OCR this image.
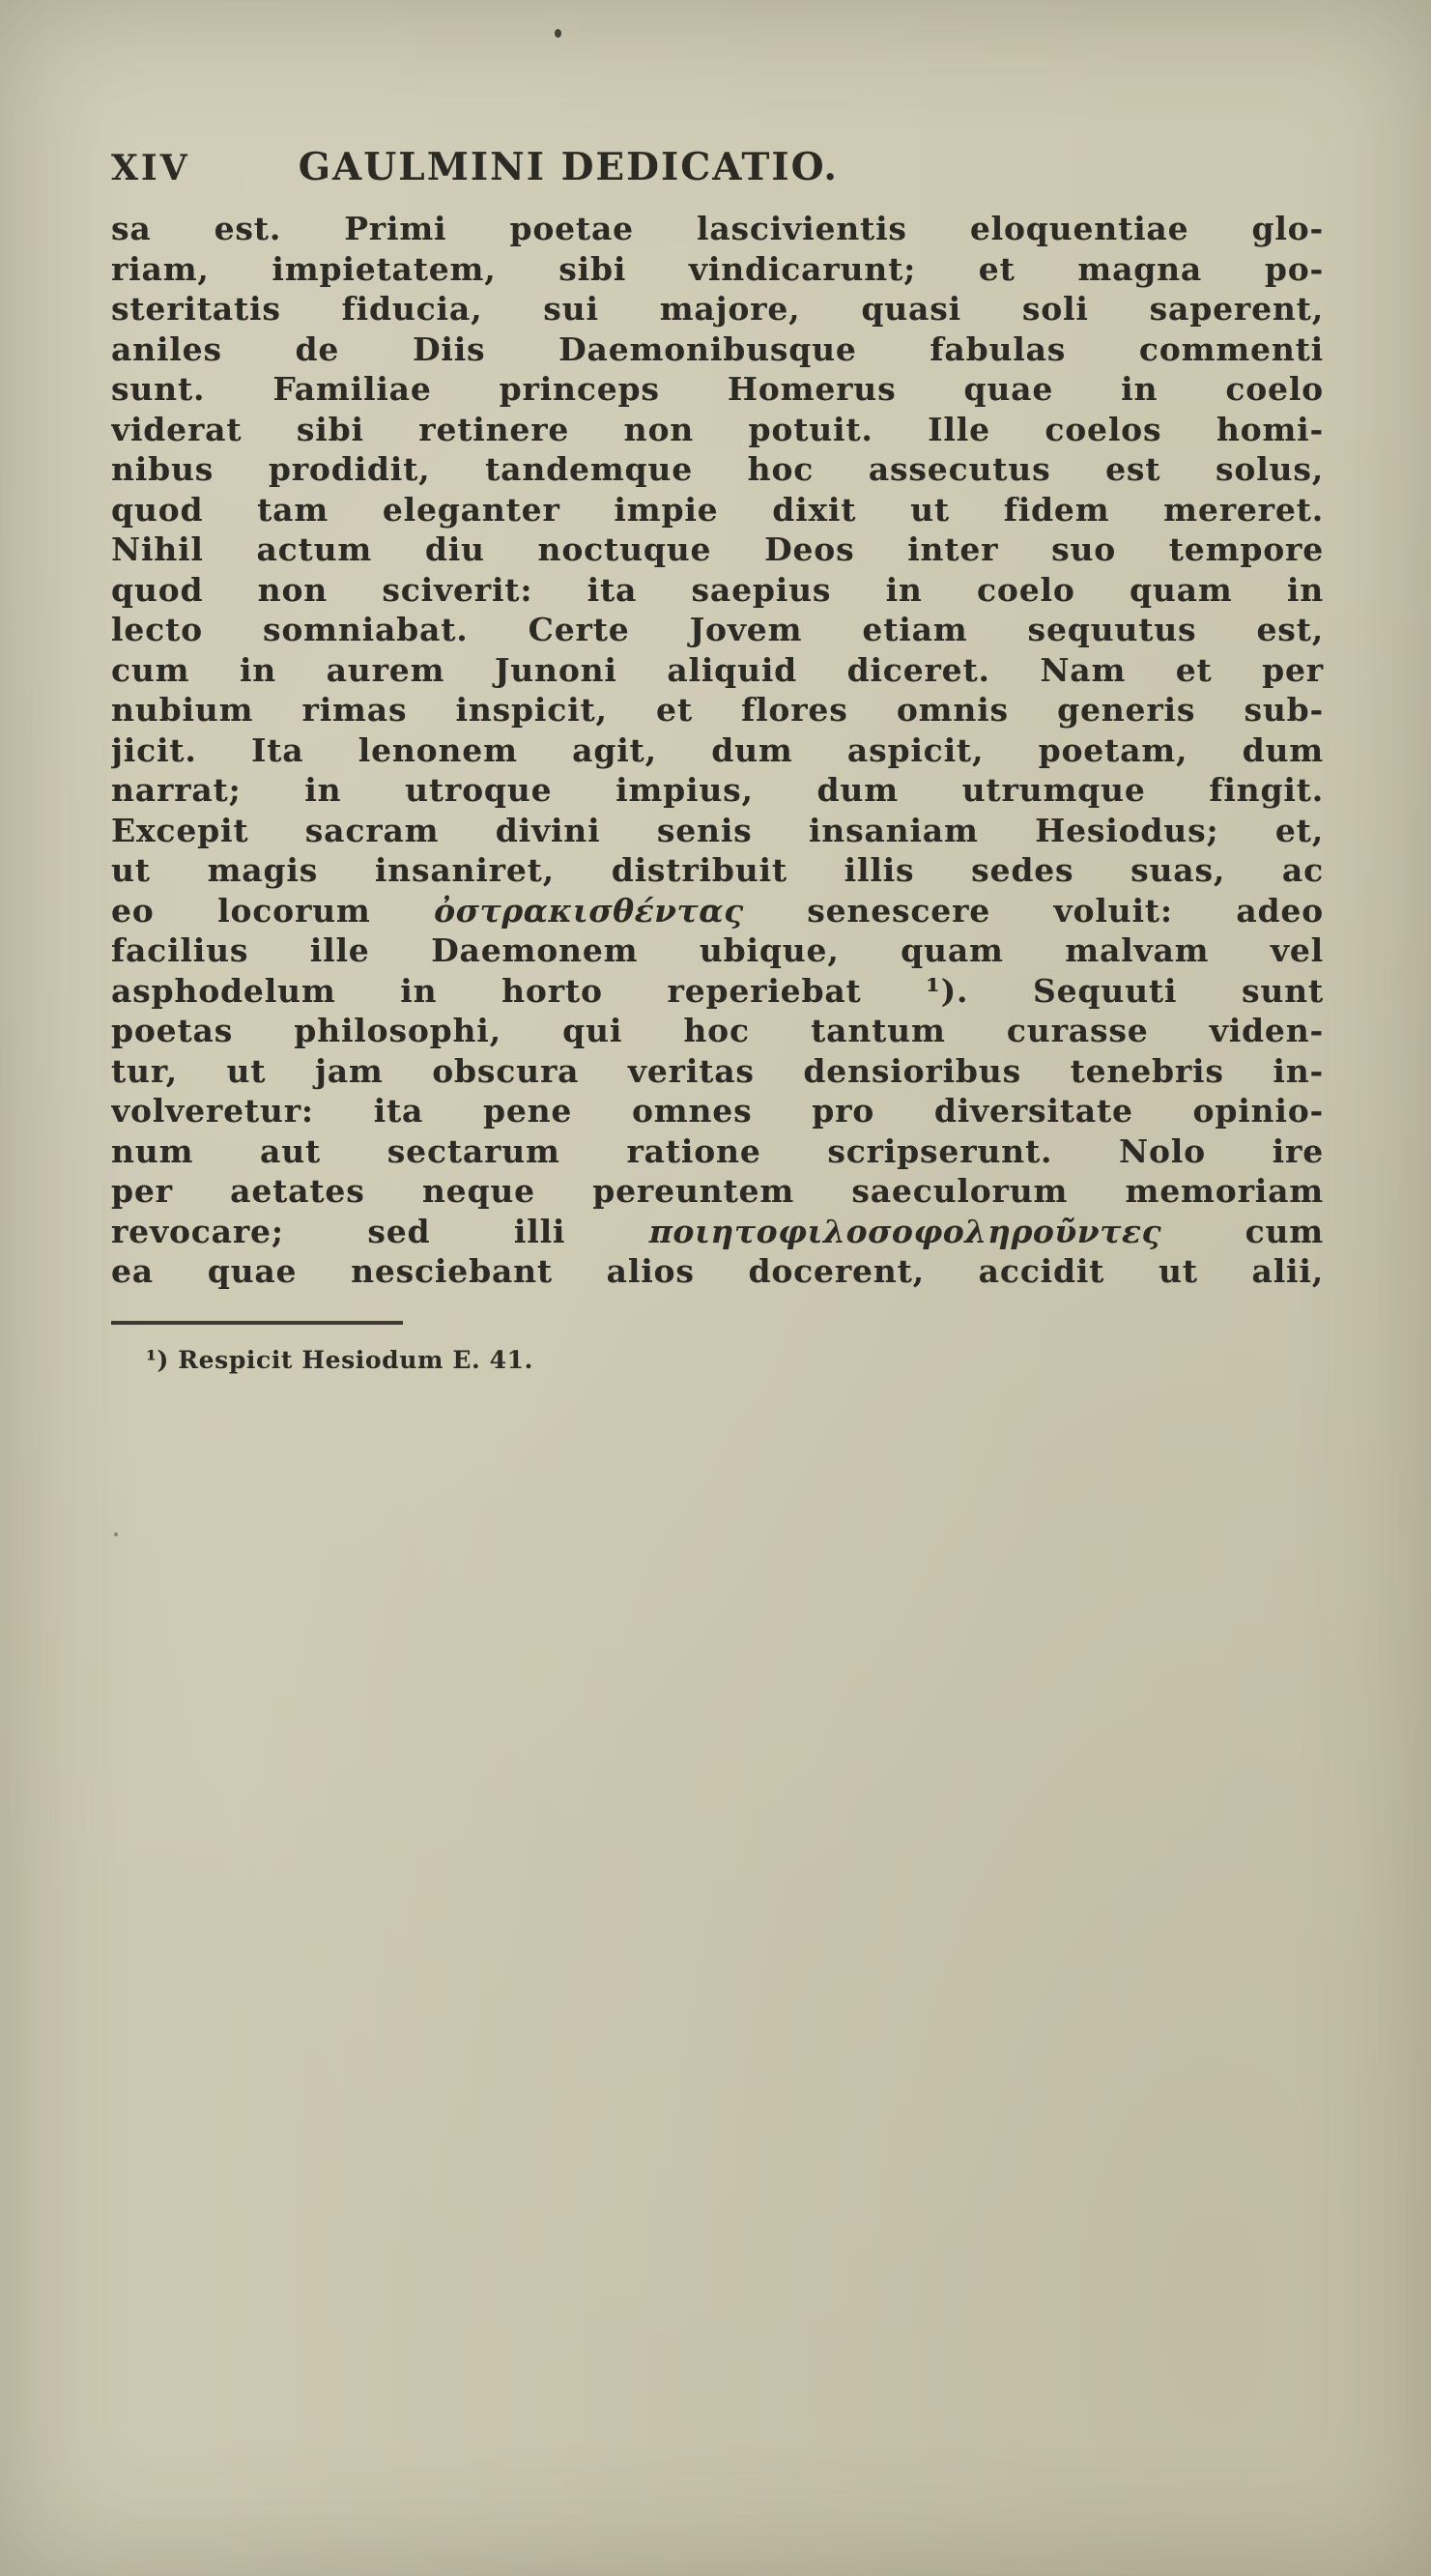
XIV	GAULMINI DEDICATIO.
sa est. Primi poetae lascivientis eloquentiae glo-
riam, impietatem, sibi vindicarunt; et magna po-
steritatis fiducia, sui majore, quasi soli saperent,
aniles de Diis Daemonibusque fabulas commenti
sunt. Familiae princeps Homerus quae in coelo
viderat sibi retinere non potuit. Ille coelos homi-
nibus prodidit, tandemque hoc assecutus est solus,
quod tam eleganter impie dixit ut fidem mereret.
Nihil actum diu noctuque Deos inter suo tempore
quod non sciverit: ita saepius in coelo quam in
lecto somniabat. Certe Jovem etiam sequutus est,
cum in aurem Junoni aliquid diceret. Nam et per
nubium rimas inspicit, et flores omnis generis sub-
jicit. Ita lenonem agit, dum aspicit, poetam, dum
narrat; in utroque impius, dum utrumque fingit.
Excepit sacram divini senis insaniam Hesiodus; et,
ut magis insaniret, distribuit illis sedes suas, ac
eo locorum ὀστρακισθέντας senescere voluit: adeo
facilius ille Daemonem ubique, quam malvam vel
asphodelum in horto reperiebat ¹). Sequuti sunt
poetas philosophi, qui hoc tantum curasse viden-
tur, ut jam obscura veritas densioribus tenebris in-
volveretur: ita pene omnes pro diversitate opinio-
num aut sectarum ratione scripserunt. Nolo ire
per aetates neque pereuntem saeculorum memoriam
revocare; sed illi ποιητοφιλοσοφοληροῦντες cum
ea quae nesciebant alios docerent, accidit ut alii,
¹) Respicit Hesiodum E. 41.
